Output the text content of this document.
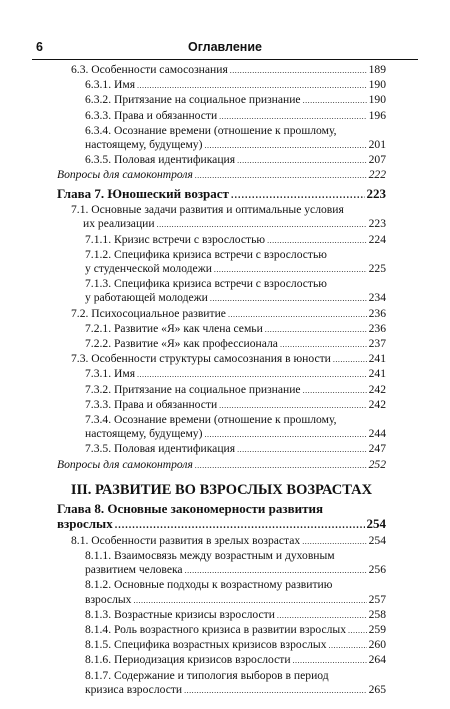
6	Оглавление
6.3. Особенности самосознания .....	189
6.3.1. Имя .....	190
6.3.2. Притязание на социальное признание .....	190
6.3.3. Права и обязанности .....	196
6.3.4. Осознание времени (отношение к прошлому,
настоящему, будущему) .....	201
6.3.5. Половая идентификация .....	207
Вопросы для самоконтроля .....	222
Глава 7. Юношеский возраст .....	223
7.1. Основные задачи развития и оптимальные условия
их реализации .....	223
7.1.1. Кризис встречи с взрослостью .....	224
7.1.2. Специфика кризиса встречи с взрослостью
у студенческой молодежи .....	225
7.1.3. Специфика кризиса встречи с взрослостью
у работающей молодежи .....	234
7.2. Психосоциальное развитие .....	236
7.2.1. Развитие «Я» как члена семьи .....	236
7.2.2. Развитие «Я» как профессионала .....	237
7.3. Особенности структуры самосознания в юности .....	241
7.3.1. Имя .....	241
7.3.2. Притязание на социальное признание .....	242
7.3.3. Права и обязанности .....	242
7.3.4. Осознание времени (отношение к прошлому,
настоящему, будущему) .....	244
7.3.5. Половая идентификация .....	247
Вопросы для самоконтроля .....	252
III. РАЗВИТИЕ ВО ВЗРОСЛЫХ ВОЗРАСТАХ
Глава 8. Основные закономерности развития
взрослых .....	254
8.1. Особенности развития в зрелых возрастах .....	254
8.1.1. Взаимосвязь между возрастным и духовным
развитием человека .....	256
8.1.2. Основные подходы к возрастному развитию
взрослых .....	257
8.1.3. Возрастные кризисы взрослости .....	258
8.1.4. Роль возрастного кризиса в развитии взрослых ..... 259
8.1.5. Специфика возрастных кризисов взрослых .....	260
8.1.6. Периодизация кризисов взрослости .....	264
8.1.7. Содержание и типология выборов в период
кризиса взрослости .....	265
